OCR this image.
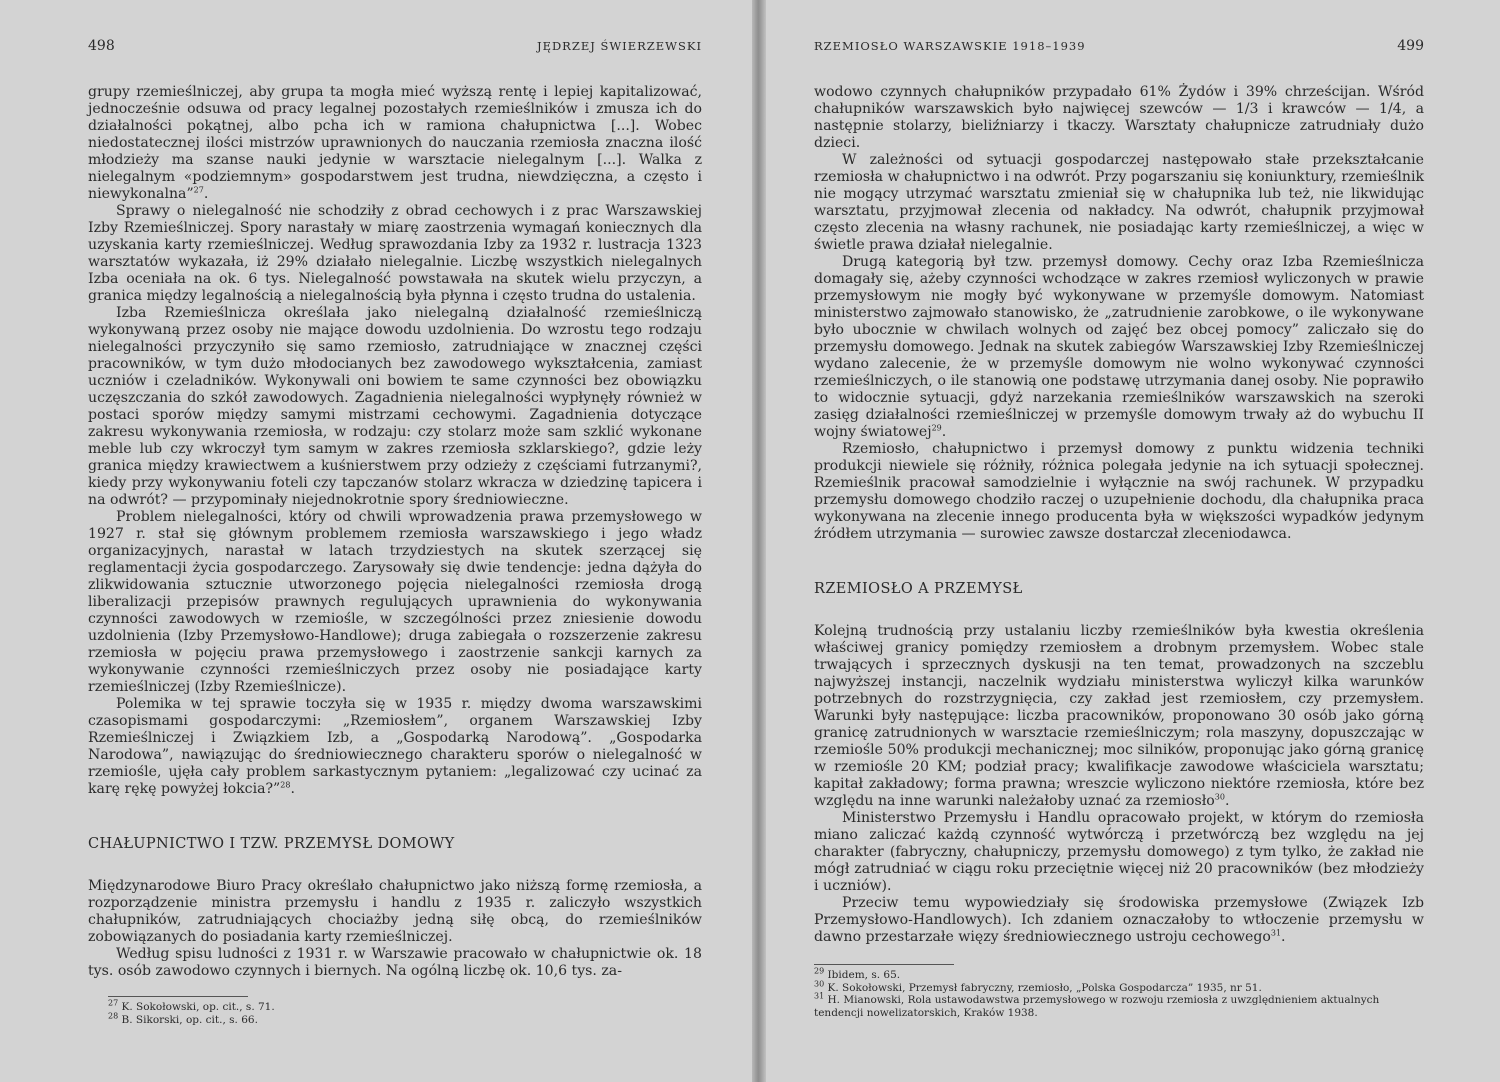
498	JĘDRZEJ ŚWIERZEWSKI

grupy rzemieślniczej, aby grupa ta mogła mieć wyższą rentę i lepiej kapitalizować, jednocześnie odsuwa od pracy legalnej pozostałych rzemieślników i zmusza ich do działalności pokątnej, albo pcha ich w ramiona chałupnictwa [...]. Wobec niedostatecznej ilości mistrzów uprawnionych do nauczania rzemiosła znaczna ilość młodzieży ma szanse nauki jedynie w warsztacie nielegalnym [...]. Walka z nielegalnym «podziemnym» gospodarstwem jest trudna, niewdzięczna, a często i niewykonalna”$^{27}$.

Sprawy o nielegalność nie schodziły z obrad cechowych i z prac Warszawskiej Izby Rzemieślniczej. Spory narastały w miarę zaostrzenia wymagań koniecznych dla uzyskania karty rzemieślniczej. Według sprawozdania Izby za 1932 r. lustracja 1323 warsztatów wykazała, iż 29% działało nielegalnie. Liczbę wszystkich nielegalnych Izba oceniała na ok. 6 tys. Nielegalność powstawała na skutek wielu przyczyn, a granica między legalnością a nielegalnością była płynna i często trudna do ustalenia.

Izba Rzemieślnicza określała jako nielegalną działalność rzemieślniczą wykonywaną przez osoby nie mające dowodu uzdolnienia. Do wzrostu tego rodzaju nielegalności przyczyniło się samo rzemiosło, zatrudniające w znacznej części pracowników, w tym dużo młodocianych bez zawodowego wykształcenia, zamiast uczniów i czeladników. Wykonywali oni bowiem te same czynności bez obowiązku uczęszczania do szkół zawodowych. Zagadnienia nielegalności wypłynęły również w postaci sporów między samymi mistrzami cechowymi. Zagadnienia dotyczące zakresu wykonywania rzemiosła, w rodzaju: czy stolarz może sam szklić wykonane meble lub czy wkroczył tym samym w zakres rzemiosła szklarskiego?, gdzie leży granica między krawiectwem a kuśnierstwem przy odzieży z częściami futrzanymi?, kiedy przy wykonywaniu foteli czy tapczanów stolarz wkracza w dziedzinę tapicera i na odwrót? — przypominały niejednokrotnie spory średniowieczne.

Problem nielegalności, który od chwili wprowadzenia prawa przemysłowego w 1927 r. stał się głównym problemem rzemiosła warszawskiego i jego władz organizacyjnych, narastał w latach trzydziestych na skutek szerzącej się reglamentacji życia gospodarczego. Zarysowały się dwie tendencje: jedna dążyła do zlikwidowania sztucznie utworzonego pojęcia nielegalności rzemiosła drogą liberalizacji przepisów prawnych regulujących uprawnienia do wykonywania czynności zawodowych w rzemiośle, w szczególności przez zniesienie dowodu uzdolnienia (Izby Przemysłowo-Handlowe); druga zabiegała o rozszerzenie zakresu rzemiosła w pojęciu prawa przemysłowego i zaostrzenie sankcji karnych za wykonywanie czynności rzemieślniczych przez osoby nie posiadające karty rzemieślniczej (Izby Rzemieślnicze).

Polemika w tej sprawie toczyła się w 1935 r. między dwoma warszawskimi czasopismami gospodarczymi: „Rzemiosłem”, organem Warszawskiej Izby Rzemieślniczej i Związkiem Izb, a „Gospodarką Narodową”. „Gospodarka Narodowa”, nawiązując do średniowiecznego charakteru sporów o nielegalność w rzemiośle, ujęła cały problem sarkastycznym pytaniem: „legalizować czy ucinać za karę rękę powyżej łokcia?”$^{28}$.

CHAŁUPNICTWO I TZW. PRZEMYSŁ DOMOWY

Międzynarodowe Biuro Pracy określało chałupnictwo jako niższą formę rzemiosła, a rozporządzenie ministra przemysłu i handlu z 1935 r. zaliczyło wszystkich chałupników, zatrudniających chociażby jedną siłę obcą, do rzemieślników zobowiązanych do posiadania karty rzemieślniczej.

Według spisu ludności z 1931 r. w Warszawie pracowało w chałupnictwie ok. 18 tys. osób zawodowo czynnych i biernych. Na ogólną liczbę ok. 10,6 tys. za-

$^{27}$ K. Sokołowski, op. cit., s. 71.

$^{28}$ B. Sikorski, op. cit., s. 66.

RZEMIOSŁO WARSZAWSKIE 1918–1939	499

wodowo czynnych chałupników przypadało 61% Żydów i 39% chrześcijan. Wśród chałupników warszawskich było najwięcej szewców — 1/3 i krawców — 1/4, a następnie stolarzy, bieliźniarzy i tkaczy. Warsztaty chałupnicze zatrudniały dużo dzieci.

W zależności od sytuacji gospodarczej następowało stałe przekształcanie rzemiosła w chałupnictwo i na odwrót. Przy pogarszaniu się koniunktury, rzemieślnik nie mogący utrzymać warsztatu zmieniał się w chałupnika lub też, nie likwidując warsztatu, przyjmował zlecenia od nakładcy. Na odwrót, chałupnik przyjmował często zlecenia na własny rachunek, nie posiadając karty rzemieślniczej, a więc w świetle prawa działał nielegalnie.

Drugą kategorią był tzw. przemysł domowy. Cechy oraz Izba Rzemieślnicza domagały się, ażeby czynności wchodzące w zakres rzemiosł wyliczonych w prawie przemysłowym nie mogły być wykonywane w przemyśle domowym. Natomiast ministerstwo zajmowało stanowisko, że „zatrudnienie zarobkowe, o ile wykonywane było ubocznie w chwilach wolnych od zajęć bez obcej pomocy” zaliczało się do przemysłu domowego. Jednak na skutek zabiegów Warszawskiej Izby Rzemieślniczej wydano zalecenie, że w przemyśle domowym nie wolno wykonywać czynności rzemieślniczych, o ile stanowią one podstawę utrzymania danej osoby. Nie poprawiło to widocznie sytuacji, gdyż narzekania rzemieślników warszawskich na szeroki zasięg działalności rzemieślniczej w przemyśle domowym trwały aż do wybuchu II wojny światowej$^{29}$.

Rzemiosło, chałupnictwo i przemysł domowy z punktu widzenia techniki produkcji niewiele się różniły, różnica polegała jedynie na ich sytuacji społecznej. Rzemieślnik pracował samodzielnie i wyłącznie na swój rachunek. W przypadku przemysłu domowego chodziło raczej o uzupełnienie dochodu, dla chałupnika praca wykonywana na zlecenie innego producenta była w większości wypadków jedynym źródłem utrzymania — surowiec zawsze dostarczał zleceniodawca.

RZEMIOSŁO A PRZEMYSŁ

Kolejną trudnością przy ustalaniu liczby rzemieślników była kwestia określenia właściwej granicy pomiędzy rzemiosłem a drobnym przemysłem. Wobec stale trwających i sprzecznych dyskusji na ten temat, prowadzonych na szczeblu najwyższej instancji, naczelnik wydziału ministerstwa wyliczył kilka warunków potrzebnych do rozstrzygnięcia, czy zakład jest rzemiosłem, czy przemysłem. Warunki były następujące: liczba pracowników, proponowano 30 osób jako górną granicę zatrudnionych w warsztacie rzemieślniczym; rola maszyny, dopuszczając w rzemiośle 50% produkcji mechanicznej; moc silników, proponując jako górną granicę w rzemiośle 20 KM; podział pracy; kwalifikacje zawodowe właściciela warsztatu; kapitał zakładowy; forma prawna; wreszcie wyliczono niektóre rzemiosła, które bez względu na inne warunki należałoby uznać za rzemiosło$^{30}$.

Ministerstwo Przemysłu i Handlu opracowało projekt, w którym do rzemiosła miano zaliczać każdą czynność wytwórczą i przetwórczą bez względu na jej charakter (fabryczny, chałupniczy, przemysłu domowego) z tym tylko, że zakład nie mógł zatrudniać w ciągu roku przeciętnie więcej niż 20 pracowników (bez młodzieży i uczniów).

Przeciw temu wypowiedziały się środowiska przemysłowe (Związek Izb Przemysłowo-Handlowych). Ich zdaniem oznaczałoby to wtłoczenie przemysłu w dawno przestarzałe więzy średniowiecznego ustroju cechowego$^{31}$.

$^{29}$ Ibidem, s. 65.

$^{30}$ K. Sokołowski, Przemysł fabryczny, rzemiosło, „Polska Gospodarcza” 1935, nr 51.

$^{31}$ H. Mianowski, Rola ustawodawstwa przemysłowego w rozwoju rzemiosła z uwzględnieniem aktualnych tendencji nowelizatorskich, Kraków 1938.
